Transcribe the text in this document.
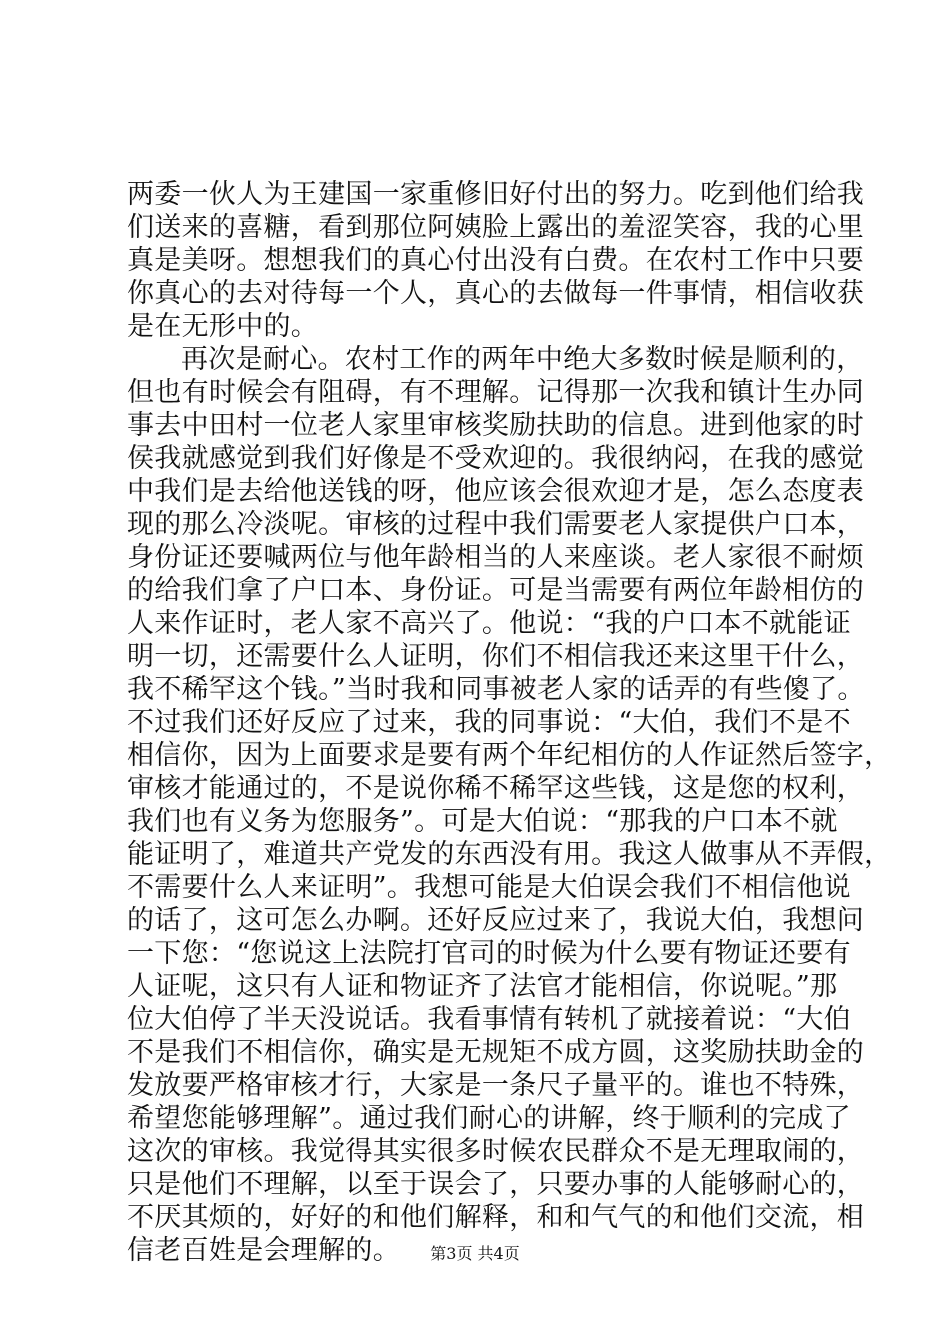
两委一伙人为王建国一家重修旧好付出的努力。吃到他们给我
们送来的喜糖，看到那位阿姨脸上露出的羞涩笑容，我的心里
真是美呀。想想我们的真心付出没有白费。在农村工作中只要
你真心的去对待每一个人，真心的去做每一件事情，相信收获
是在无形中的。
再次是耐心。农村工作的两年中绝大多数时候是顺利的，
但也有时候会有阻碍，有不理解。记得那一次我和镇计生办同
事去中田村一位老人家里审核奖励扶助的信息。进到他家的时
侯我就感觉到我们好像是不受欢迎的。我很纳闷，在我的感觉
中我们是去给他送钱的呀，他应该会很欢迎才是，怎么态度表
现的那么冷淡呢。审核的过程中我们需要老人家提供户口本，
身份证还要喊两位与他年龄相当的人来座谈。老人家很不耐烦
的给我们拿了户口本、身份证。可是当需要有两位年龄相仿的
人来作证时，老人家不高兴了。他说：“我的户口本不就能证
明一切，还需要什么人证明，你们不相信我还来这里干什么，
我不稀罕这个钱。”当时我和同事被老人家的话弄的有些傻了。
不过我们还好反应了过来，我的同事说：“大伯，我们不是不
相信你，因为上面要求是要有两个年纪相仿的人作证然后签字，
审核才能通过的，不是说你稀不稀罕这些钱，这是您的权利，
我们也有义务为您服务”。可是大伯说：“那我的户口本不就
能证明了，难道共产党发的东西没有用。我这人做事从不弄假，
不需要什么人来证明”。我想可能是大伯误会我们不相信他说
的话了，这可怎么办啊。还好反应过来了，我说大伯，我想问
一下您：“您说这上法院打官司的时候为什么要有物证还要有
人证呢，这只有人证和物证齐了法官才能相信，你说呢。”那
位大伯停了半天没说话。我看事情有转机了就接着说：“大伯
不是我们不相信你，确实是无规矩不成方圆，这奖励扶助金的
发放要严格审核才行，大家是一条尺子量平的。谁也不特殊，
希望您能够理解”。通过我们耐心的讲解，终于顺利的完成了
这次的审核。我觉得其实很多时候农民群众不是无理取闹的，
只是他们不理解，以至于误会了，只要办事的人能够耐心的，
不厌其烦的，好好的和他们解释，和和气气的和他们交流，相
信老百姓是会理解的。	第3页 共4页
